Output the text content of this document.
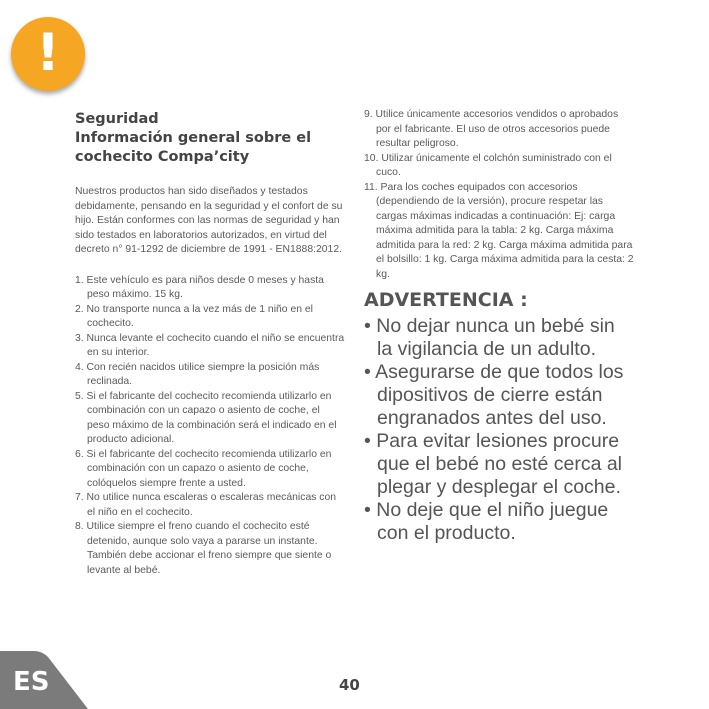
!
Seguridad
Información general sobre el
cochecito Compa’city
Nuestros productos han sido diseñados y testados debidamente, pensando en la seguridad y el confort de su hijo. Están conformes con las normas de seguridad y han sido testados en laboratorios autorizados, en virtud del decreto n° 91-1292 de diciembre de 1991 - EN1888:2012.
1. Este vehículo es para niños desde 0 meses y hasta peso máximo. 15 kg.
2. No transporte nunca a la vez más de 1 niño en el cochecito.
3. Nunca levante el cochecito cuando el niño se encuentra en su interior.
4. Con recién nacidos utilice siempre la posición más reclinada.
5. Si el fabricante del cochecito recomienda utilizarlo en combinación con un capazo o asiento de coche, el peso máximo de la combinación será el indicado en el producto adicional.
6. Si el fabricante del cochecito recomienda utilizarlo en combinación con un capazo o asiento de coche, colóquelos siempre frente a usted.
7. No utilice nunca escaleras o escaleras mecánicas con el niño en el cochecito.
8. Utilice siempre el freno cuando el cochecito esté detenido, aunque solo vaya a pararse un instante. También debe accionar el freno siempre que siente o levante al bebé.
9. Utilice únicamente accesorios vendidos o aprobados por el fabricante. El uso de otros accesorios puede resultar peligroso.
10. Utilizar únicamente el colchón suministrado con el cuco.
11. Para los coches equipados con accesorios (dependiendo de la versión), procure respetar las cargas máximas indicadas a continuación: Ej: carga máxima admitida para la tabla: 2 kg. Carga máxima admitida para la red: 2 kg. Carga máxima admitida para el bolsillo: 1 kg. Carga máxima admitida para la cesta: 2 kg.
ADVERTENCIA :
• No dejar nunca un bebé sin la vigilancia de un adulto.
• Asegurarse de que todos los dipositivos de cierre están engranados antes del uso.
• Para evitar lesiones procure que el bebé no esté cerca al plegar y desplegar el coche.
• No deje que el niño juegue con el producto.
ES	40
